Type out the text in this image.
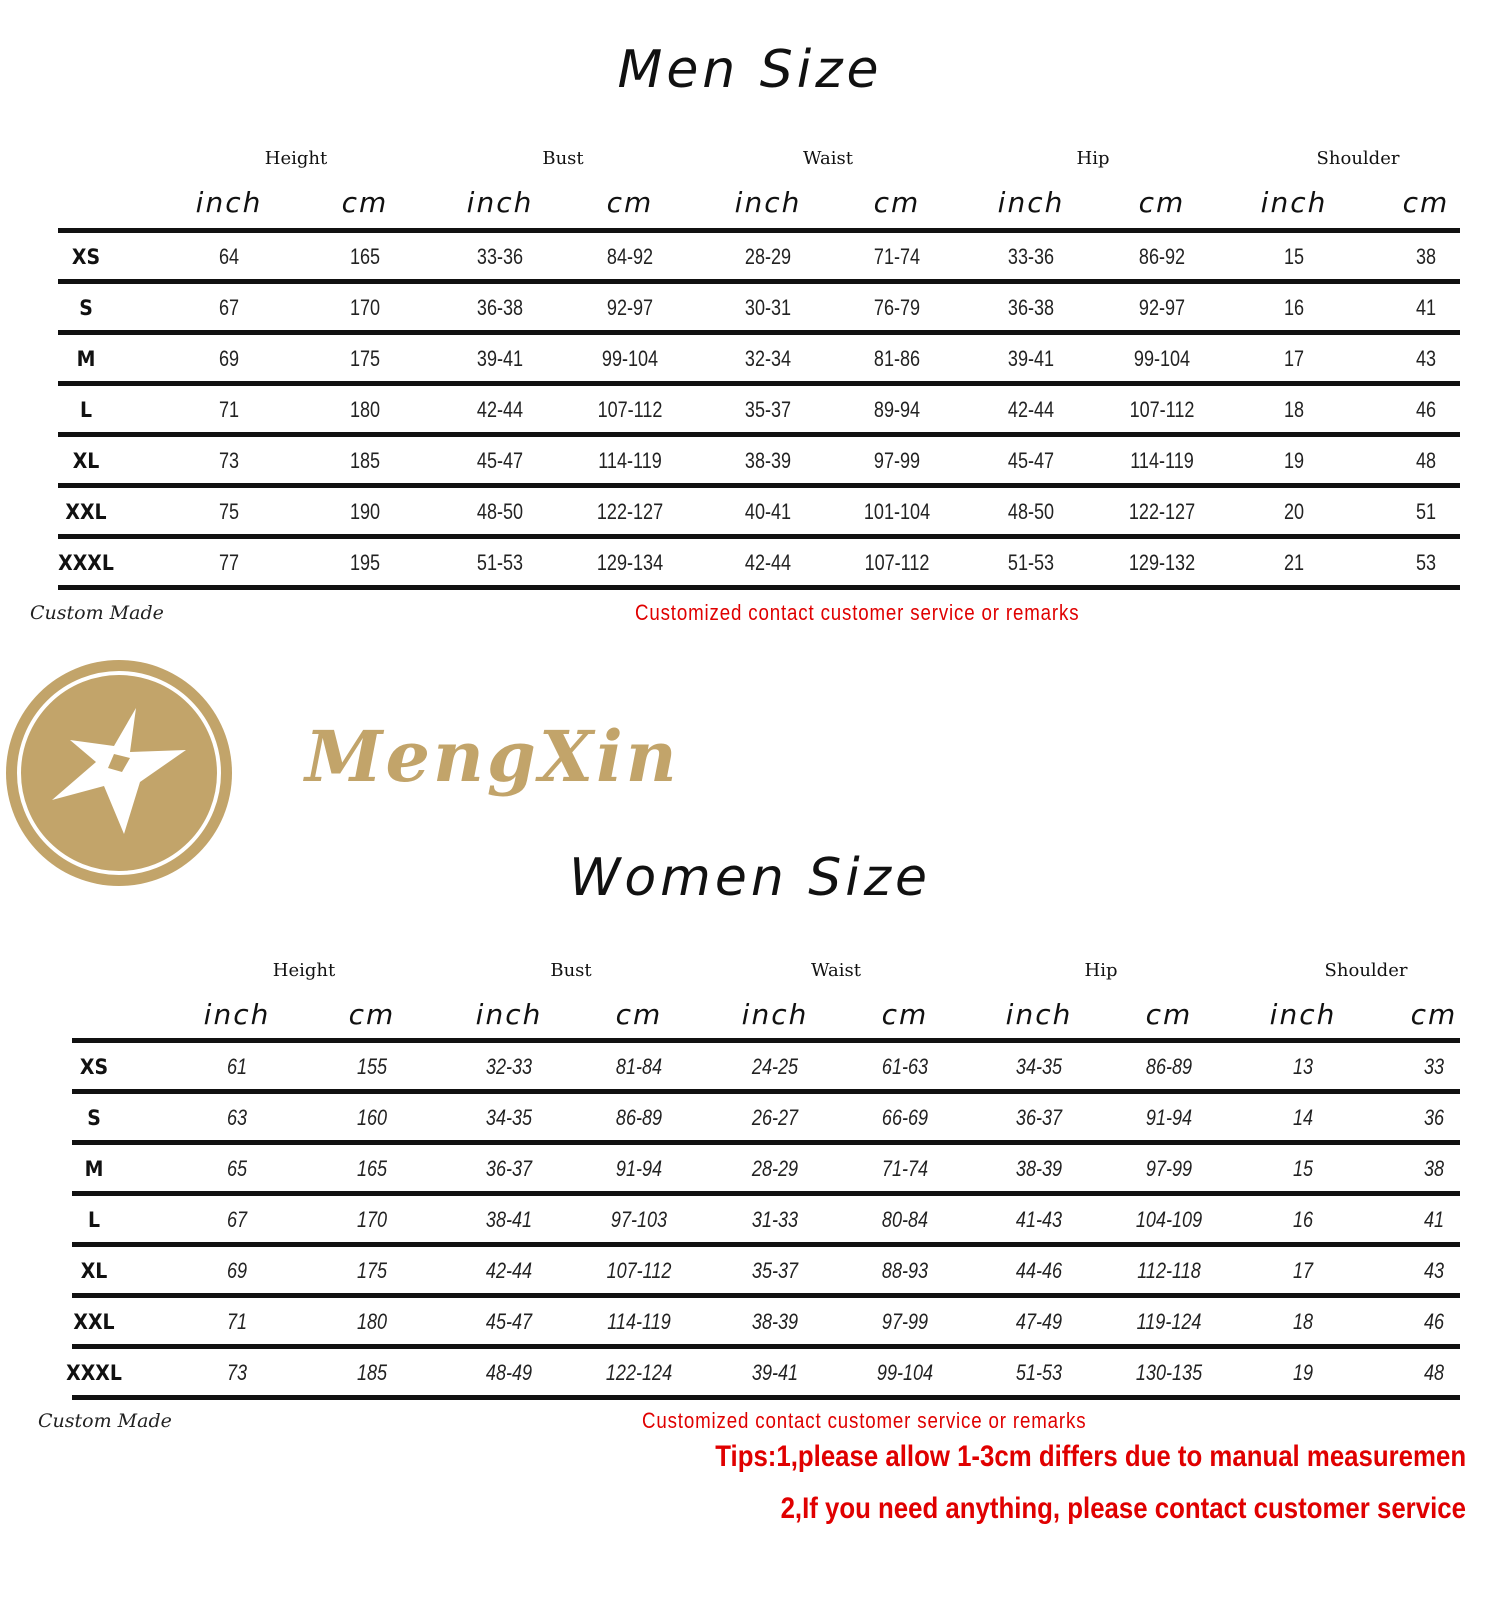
Men Size
Height	Bust	Waist	Hip	Shoulder
inch	cm	inch	cm	inch	cm	inch	cm	inch	cm
XS	64	165	33-36	84-92	28-29	71-74	33-36	86-92	15	38
S	67	170	36-38	92-97	30-31	76-79	36-38	92-97	16	41
M	69	175	39-41	99-104	32-34	81-86	39-41	99-104	17	43
L	71	180	42-44	107-112	35-37	89-94	42-44	107-112	18	46
XL	73	185	45-47	114-119	38-39	97-99	45-47	114-119	19	48
XXL	75	190	48-50	122-127	40-41	101-104	48-50	122-127	20	51
XXXL	77	195	51-53	129-134	42-44	107-112	51-53	129-132	21	53
Custom Made	Customized contact customer service or remarks
MengXin
Women Size
Height	Bust	Waist	Hip	Shoulder
inch	cm	inch	cm	inch	cm	inch	cm	inch	cm
XS	61	155	32-33	81-84	24-25	61-63	34-35	86-89	13	33
S	63	160	34-35	86-89	26-27	66-69	36-37	91-94	14	36
M	65	165	36-37	91-94	28-29	71-74	38-39	97-99	15	38
L	67	170	38-41	97-103	31-33	80-84	41-43	104-109	16	41
XL	69	175	42-44	107-112	35-37	88-93	44-46	112-118	17	43
XXL	71	180	45-47	114-119	38-39	97-99	47-49	119-124	18	46
XXXL	73	185	48-49	122-124	39-41	99-104	51-53	130-135	19	48
Custom Made	Customized contact customer service or remarks
Tips:1,please allow 1-3cm differs due to manual measuremen
2,If you need anything, please contact customer service
